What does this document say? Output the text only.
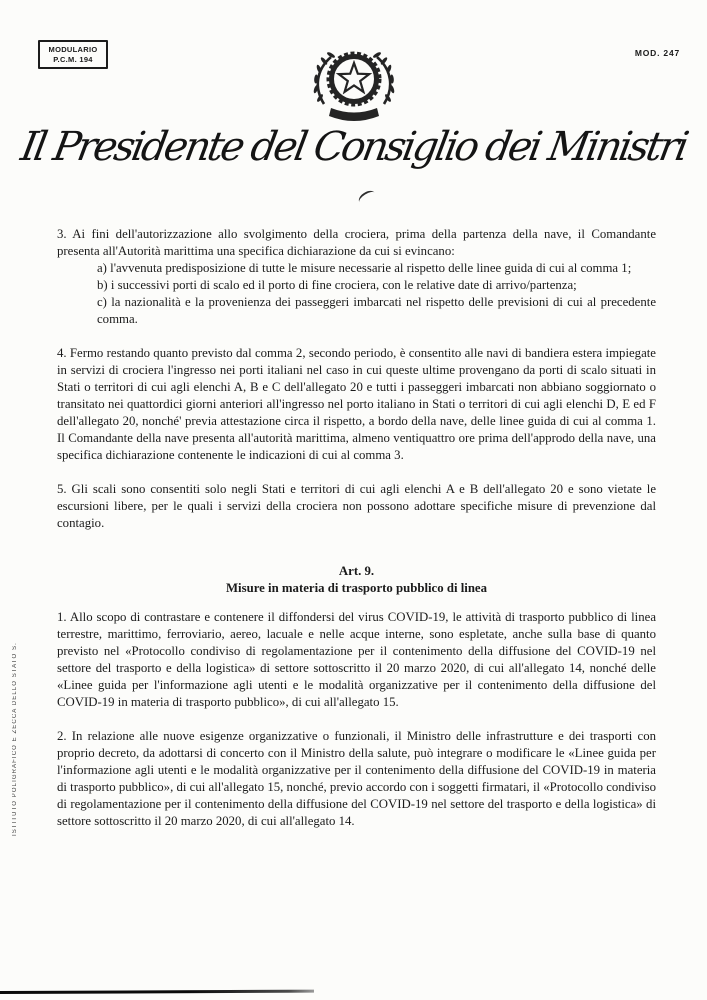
MODULARIO
P.C.M. 194
MOD. 247
Il Presidente del Consiglio dei Ministri

3. Ai fini dell'autorizzazione allo svolgimento della crociera, prima della partenza della nave, il Comandante presenta all'Autorità marittima una specifica dichiarazione da cui si evincano:

a) l'avvenuta predisposizione di tutte le misure necessarie al rispetto delle linee guida di cui al comma 1;

b) i successivi porti di scalo ed il porto di fine crociera, con le relative date di arrivo/partenza;

c) la nazionalità e la provenienza dei passeggeri imbarcati nel rispetto delle previsioni di cui al precedente comma.

4. Fermo restando quanto previsto dal comma 2, secondo periodo, è consentito alle navi di bandiera estera impiegate in servizi di crociera l'ingresso nei porti italiani nel caso in cui queste ultime provengano da porti di scalo situati in Stati o territori di cui agli elenchi A, B e C dell'allegato 20 e tutti i passeggeri imbarcati non abbiano soggiornato o transitato nei quattordici giorni anteriori all'ingresso nel porto italiano in Stati o territori di cui agli elenchi D, E ed F dell'allegato 20, nonché' previa attestazione circa il rispetto, a bordo della nave, delle linee guida di cui al comma 1. Il Comandante della nave presenta all'autorità marittima, almeno ventiquattro ore prima dell'approdo della nave, una specifica dichiarazione contenente le indicazioni di cui al comma 3.

5. Gli scali sono consentiti solo negli Stati e territori di cui agli elenchi A e B dell'allegato 20 e sono vietate le escursioni libere, per le quali i servizi della crociera non possono adottare specifiche misure di prevenzione dal contagio.

Art. 9.
Misure in materia di trasporto pubblico di linea

1. Allo scopo di contrastare e contenere il diffondersi del virus COVID-19, le attività di trasporto pubblico di linea terrestre, marittimo, ferroviario, aereo, lacuale e nelle acque interne, sono espletate, anche sulla base di quanto previsto nel «Protocollo condiviso di regolamentazione per il contenimento della diffusione del COVID-19 nel settore del trasporto e della logistica» di settore sottoscritto il 20 marzo 2020, di cui all'allegato 14, nonché delle «Linee guida per l'informazione agli utenti e le modalità organizzative per il contenimento della diffusione del COVID-19 in materia di trasporto pubblico», di cui all'allegato 15.

2. In relazione alle nuove esigenze organizzative o funzionali, il Ministro delle infrastrutture e dei trasporti con proprio decreto, da adottarsi di concerto con il Ministro della salute, può integrare o modificare le «Linee guida per l'informazione agli utenti e le modalità organizzative per il contenimento della diffusione del COVID-19 in materia di trasporto pubblico», di cui all'allegato 15, nonché, previo accordo con i soggetti firmatari, il «Protocollo condiviso di regolamentazione per il contenimento della diffusione del COVID-19 nel settore del trasporto e della logistica» di settore sottoscritto il 20 marzo 2020, di cui all'allegato 14.

ISTITUTO POLIGRAFICO E ZECCA DELLO STATO S.
